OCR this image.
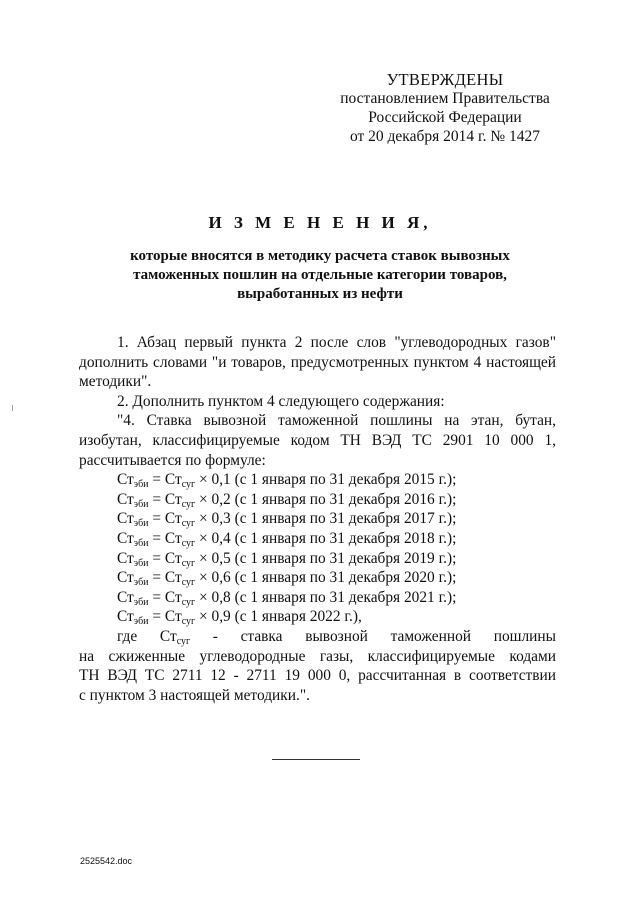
УТВЕРЖДЕНЫ
постановлением Правительства
Российской Федерации
от 20 декабря 2014 г. № 1427
И З М Е Н Е Н И Я,
которые вносятся в методику расчета ставок вывозных
таможенных пошлин на отдельные категории товаров,
выработанных из нефти
1. Абзац первый пункта 2 после слов "углеводородных газов" дополнить словами "и товаров, предусмотренных пунктом 4 настоящей методики".
2. Дополнить пунктом 4 следующего содержания:
"4. Ставка вывозной таможенной пошлины на этан, бутан, изобутан, классифицируемые кодом ТН ВЭД ТС 2901 10 000 1, рассчитывается по формуле:
$Ст_{эби} = Ст_{суг} \times 0,1$ (с 1 января по 31 декабря 2015 г.);
$Ст_{эби} = Ст_{суг} \times 0,2$ (с 1 января по 31 декабря 2016 г.);
$Ст_{эби} = Ст_{суг} \times 0,3$ (с 1 января по 31 декабря 2017 г.);
$Ст_{эби} = Ст_{суг} \times 0,4$ (с 1 января по 31 декабря 2018 г.);
$Ст_{эби} = Ст_{суг} \times 0,5$ (с 1 января по 31 декабря 2019 г.);
$Ст_{эби} = Ст_{суг} \times 0,6$ (с 1 января по 31 декабря 2020 г.);
$Ст_{эби} = Ст_{суг} \times 0,8$ (с 1 января по 31 декабря 2021 г.);
$Ст_{эби} = Ст_{суг} \times 0,9$ (с 1 января 2022 г.),
где $Ст_{суг}$ - ставка вывозной таможенной пошлины
на сжиженные углеводородные газы, классифицируемые кодами
ТН ВЭД ТС 2711 12 - 2711 19 000 0, рассчитанная в соответствии
с пунктом 3 настоящей методики.".
2525542.doc
